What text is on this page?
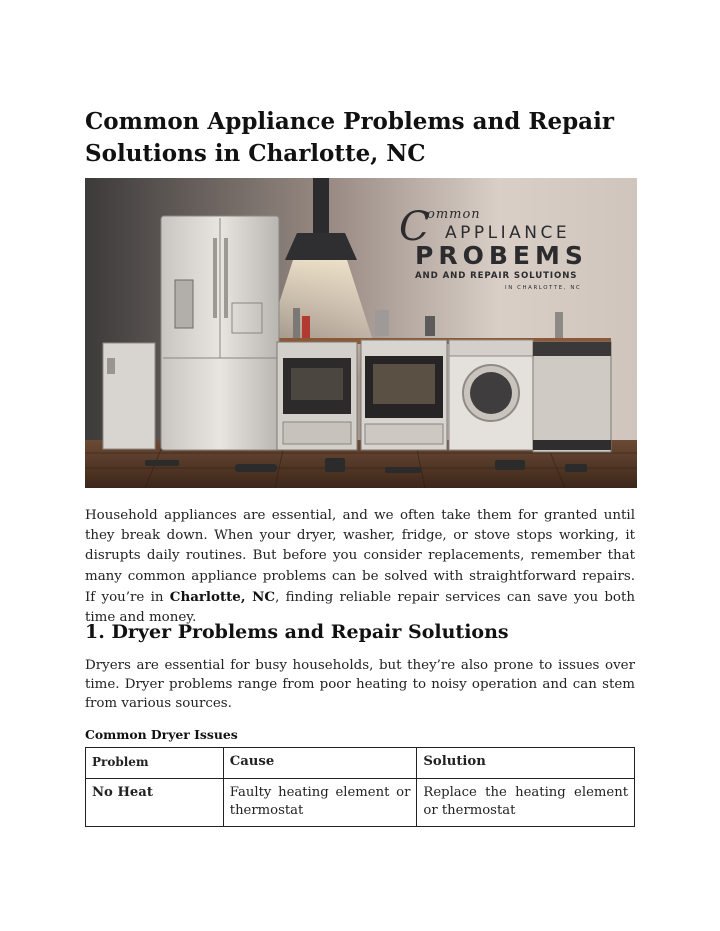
Common Appliance Problems and Repair Solutions in Charlotte, NC
C
ommon
APPLIANCE
PROBEMS
AND AND REPAIR SOLUTIONS
IN CHARLOTTE, NC

Household appliances are essential, and we often take them for granted until they break down. When your dryer, washer, fridge, or stove stops working, it disrupts daily routines. But before you consider replacements, remember that many common appliance problems can be solved with straightforward repairs. If you’re in Charlotte, NC, finding reliable repair services can save you both time and money.

1. Dryer Problems and Repair Solutions

Dryers are essential for busy households, but they’re also prone to issues over time. Dryer problems range from poor heating to noisy operation and can stem from various sources.

Common Dryer Issues

Problem	Cause	Solution
No Heat	Faulty heating element or thermostat	Replace the heating element or thermostat
